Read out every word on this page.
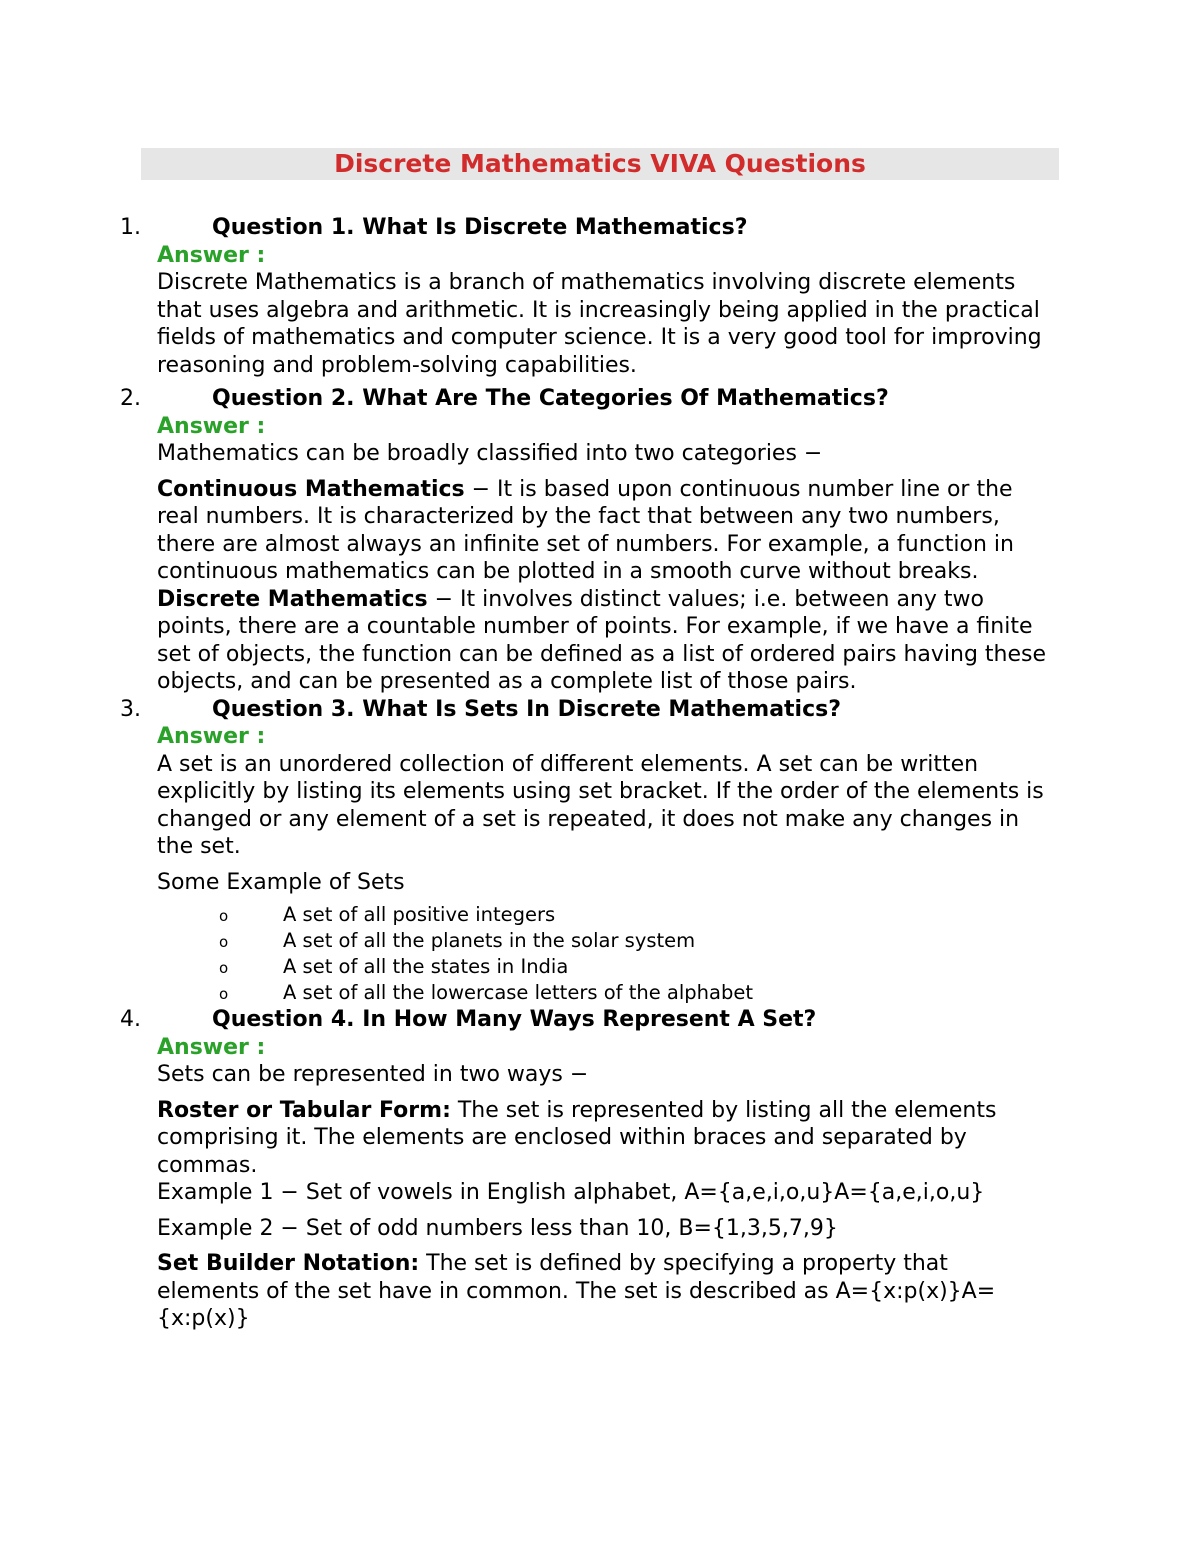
Discrete Mathematics VIVA Questions
1.	Question 1. What Is Discrete Mathematics?
Answer :

Discrete Mathematics is a branch of mathematics involving discrete elements that uses algebra and arithmetic. It is increasingly being applied in the practical fields of mathematics and computer science. It is a very good tool for improving reasoning and problem-solving capabilities.

2.	Question 2. What Are The Categories Of Mathematics?
Answer :

Mathematics can be broadly classified into two categories −

Continuous Mathematics − It is based upon continuous number line or the real numbers. It is characterized by the fact that between any two numbers, there are almost always an infinite set of numbers. For example, a function in continuous mathematics can be plotted in a smooth curve without breaks.

Discrete Mathematics − It involves distinct values; i.e. between any two points, there are a countable number of points. For example, if we have a finite set of objects, the function can be defined as a list of ordered pairs having these objects, and can be presented as a complete list of those pairs.

3.	Question 3. What Is Sets In Discrete Mathematics?
Answer :

A set is an unordered collection of different elements. A set can be written explicitly by listing its elements using set bracket. If the order of the elements is changed or any element of a set is repeated, it does not make any changes in the set.

Some Example of Sets

o	A set of all positive integers
o	A set of all the planets in the solar system
o	A set of all the states in India
o	A set of all the lowercase letters of the alphabet
4.	Question 4. In How Many Ways Represent A Set?
Answer :

Sets can be represented in two ways −

Roster or Tabular Form: The set is represented by listing all the elements comprising it. The elements are enclosed within braces and separated by commas.

Example 1 − Set of vowels in English alphabet, A={a,e,i,o,u}A={a,e,i,o,u}

Example 2 − Set of odd numbers less than 10, B={1,3,5,7,9}

Set Builder Notation: The set is defined by specifying a property that elements of the set have in common. The set is described as A={x:p(x)}A={x:p(x)}
